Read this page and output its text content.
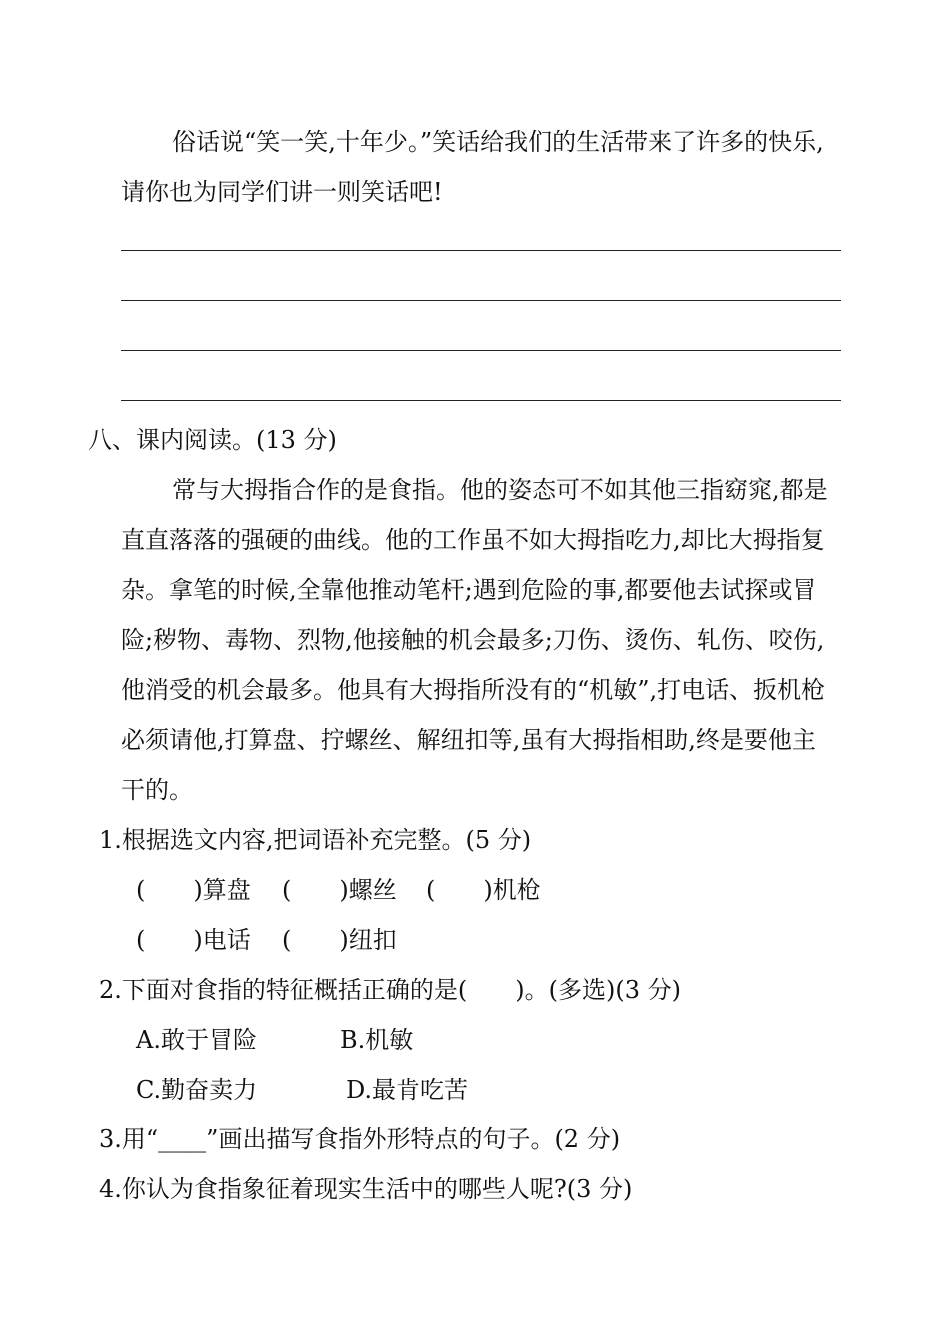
俗话说“笑一笑,十年少。”笑话给我们的生活带来了许多的快乐,
请你也为同学们讲一则笑话吧!
八、课内阅读。(13 分)
常与大拇指合作的是食指。他的姿态可不如其他三指窈窕,都是
直直落落的强硬的曲线。他的工作虽不如大拇指吃力,却比大拇指复
杂。拿笔的时候,全靠他推动笔杆;遇到危险的事,都要他去试探或冒
险;秽物、毒物、烈物,他接触的机会最多;刀伤、烫伤、轧伤、咬伤,
他消受的机会最多。他具有大拇指所没有的“机敏”,打电话、扳机枪
必须请他,打算盘、拧螺丝、解纽扣等,虽有大拇指相助,终是要他主
干的。
1.根据选文内容,把词语补充完整。(5 分)
(　　)算盘 (　　)螺丝 (　　)机枪
(　　)电话 (　　)纽扣
2.下面对食指的特征概括正确的是(　　)。(多选)(3 分)
A.敢于冒险	B.机敏
C.勤奋卖力	D.最肯吃苦
3.用“____”画出描写食指外形特点的句子。(2 分)
4.你认为食指象征着现实生活中的哪些人呢?(3 分)
